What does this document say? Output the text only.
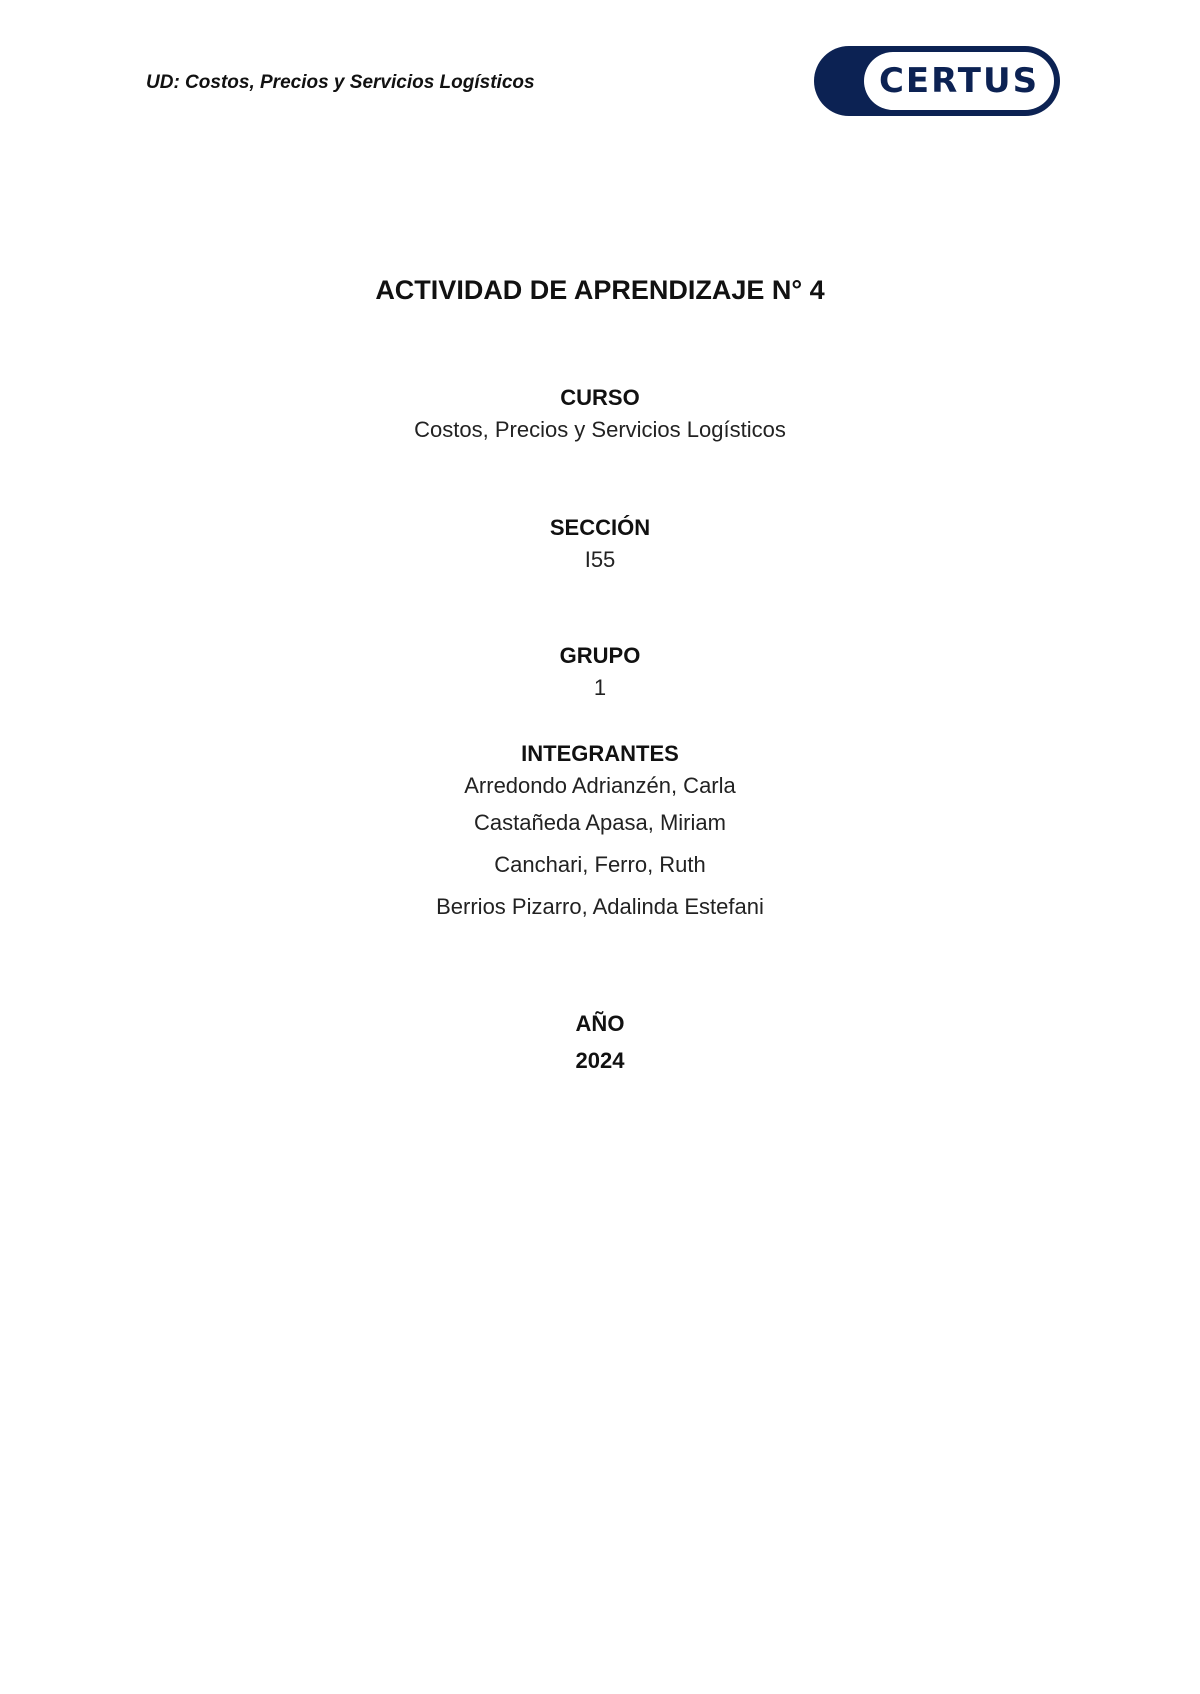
UD: Costos, Precios y Servicios Logísticos	CERTUS
ACTIVIDAD DE APRENDIZAJE N° 4
CURSO
Costos, Precios y Servicios Logísticos
SECCIÓN
I55
GRUPO
1
INTEGRANTES
Arredondo Adrianzén, Carla
Castañeda Apasa, Miriam
Canchari, Ferro, Ruth
Berrios Pizarro, Adalinda Estefani
AÑO
2024
